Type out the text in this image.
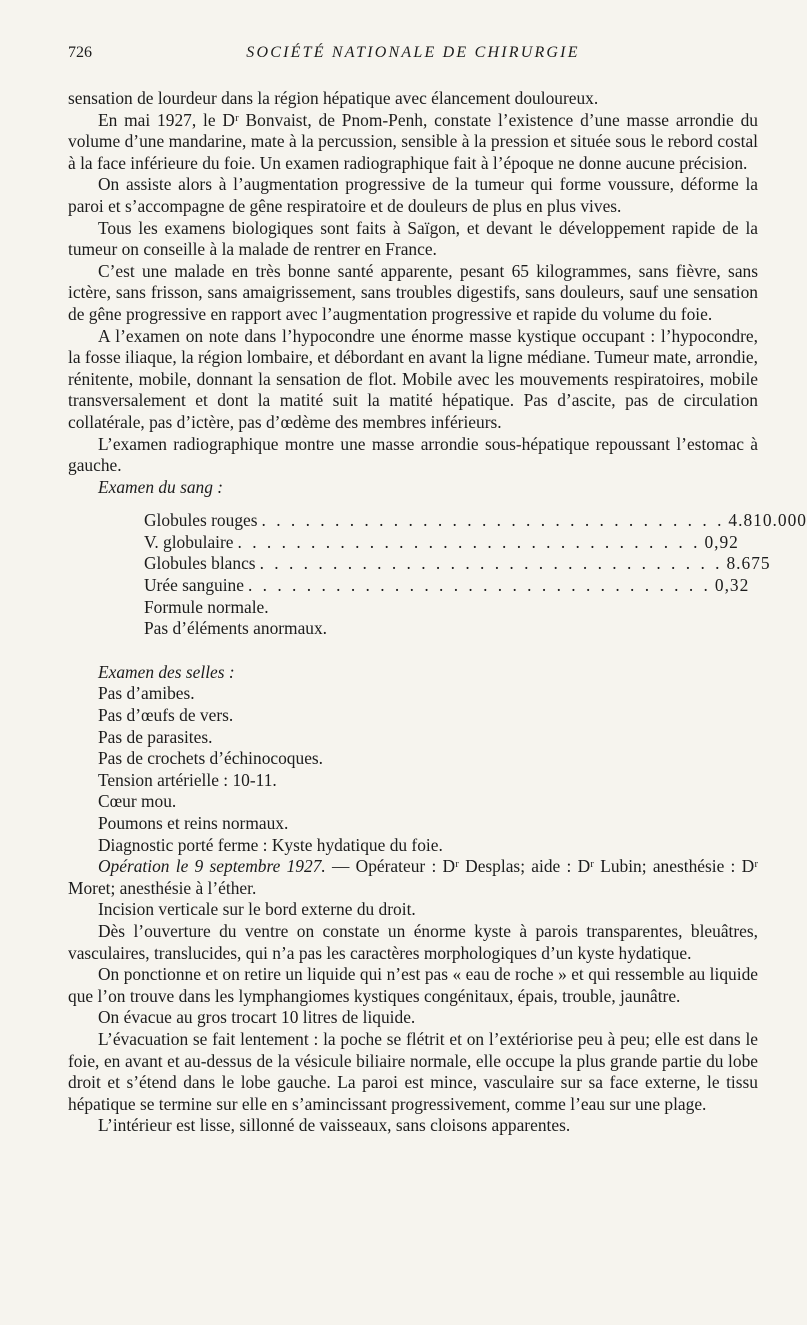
726	SOCIÉTÉ NATIONALE DE CHIRURGIE

sensation de lourdeur dans la région hépatique avec élancement douloureux.

En mai 1927, le Dʳ Bonvaist, de Pnom-Penh, constate l’existence d’une masse arrondie du volume d’une mandarine, mate à la percussion, sensible à la pression et située sous le rebord costal à la face inférieure du foie. Un examen radiographique fait à l’époque ne donne aucune précision.

On assiste alors à l’augmentation progressive de la tumeur qui forme voussure, déforme la paroi et s’accompagne de gêne respiratoire et de douleurs de plus en plus vives.

Tous les examens biologiques sont faits à Saïgon, et devant le développement rapide de la tumeur on conseille à la malade de rentrer en France.

C’est une malade en très bonne santé apparente, pesant 65 kilogrammes, sans fièvre, sans ictère, sans frisson, sans amaigrissement, sans troubles digestifs, sans douleurs, sauf une sensation de gêne progressive en rapport avec l’augmentation progressive et rapide du volume du foie.

A l’examen on note dans l’hypocondre une énorme masse kystique occupant : l’hypocondre, la fosse iliaque, la région lombaire, et débordant en avant la ligne médiane. Tumeur mate, arrondie, rénitente, mobile, donnant la sensation de flot. Mobile avec les mouvements respiratoires, mobile transversalement et dont la matité suit la matité hépatique. Pas d’ascite, pas de circulation collatérale, pas d’ictère, pas d’œdème des membres inférieurs.

L’examen radiographique montre une masse arrondie sous-hépatique repoussant l’estomac à gauche.

Examen du sang :

Globules rouges . . . . . . . . . . . . . . . . . . . . . . . . . . . . . . . . 4.810.000
V. globulaire . . . . . . . . . . . . . . . . . . . . . . . . . . . . . . . . 0,92
Globules blancs . . . . . . . . . . . . . . . . . . . . . . . . . . . . . . . . 8.675
Urée sanguine . . . . . . . . . . . . . . . . . . . . . . . . . . . . . . . . 0,32
Formule normale.
Pas d’éléments anormaux.

Examen des selles :

Pas d’amibes.

Pas d’œufs de vers.

Pas de parasites.

Pas de crochets d’échinocoques.

Tension artérielle : 10-11.

Cœur mou.

Poumons et reins normaux.

Diagnostic porté ferme : Kyste hydatique du foie.

Opération le 9 septembre 1927. — Opérateur : Dʳ Desplas; aide : Dʳ Lubin; anesthésie : Dʳ Moret; anesthésie à l’éther.

Incision verticale sur le bord externe du droit.

Dès l’ouverture du ventre on constate un énorme kyste à parois transparentes, bleuâtres, vasculaires, translucides, qui n’a pas les caractères morphologiques d’un kyste hydatique.

On ponctionne et on retire un liquide qui n’est pas « eau de roche » et qui ressemble au liquide que l’on trouve dans les lymphangiomes kystiques congénitaux, épais, trouble, jaunâtre.

On évacue au gros trocart 10 litres de liquide.

L’évacuation se fait lentement : la poche se flétrit et on l’extériorise peu à peu; elle est dans le foie, en avant et au-dessus de la vésicule biliaire normale, elle occupe la plus grande partie du lobe droit et s’étend dans le lobe gauche. La paroi est mince, vasculaire sur sa face externe, le tissu hépatique se termine sur elle en s’amincissant progressivement, comme l’eau sur une plage.

L’intérieur est lisse, sillonné de vaisseaux, sans cloisons apparentes.
